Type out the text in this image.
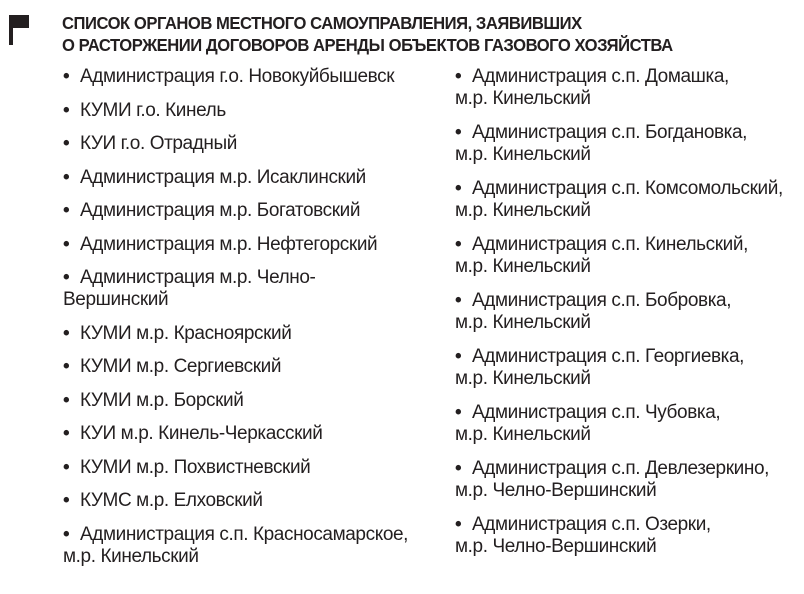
СПИСОК ОРГАНОВ МЕСТНОГО САМОУПРАВЛЕНИЯ, ЗАЯВИВШИХ
О РАСТОРЖЕНИИ ДОГОВОРОВ АРЕНДЫ ОБЪЕКТОВ ГАЗОВОГО ХОЗЯЙСТВА
• Администрация г.о. Новокуйбышевск
• КУМИ г.о. Кинель
• КУИ г.о. Отрадный
• Администрация м.р. Исаклинский
• Администрация м.р. Богатовский
• Администрация м.р. Нефтегорский
• Администрация м.р. Челно-
Вершинский
• КУМИ м.р. Красноярский
• КУМИ м.р. Сергиевский
• КУМИ м.р. Борский
• КУИ м.р. Кинель-Черкасский
• КУМИ м.р. Похвистневский
• КУМС м.р. Елховский
• Администрация с.п. Красносамарское,
м.р. Кинельский
• Администрация с.п. Домашка,
м.р. Кинельский
• Администрация с.п. Богдановка,
м.р. Кинельский
• Администрация с.п. Комсомольский,
м.р. Кинельский
• Администрация с.п. Кинельский,
м.р. Кинельский
• Администрация с.п. Бобровка,
м.р. Кинельский
• Администрация с.п. Георгиевка,
м.р. Кинельский
• Администрация с.п. Чубовка,
м.р. Кинельский
• Администрация с.п. Девлезеркино,
м.р. Челно-Вершинский
• Администрация с.п. Озерки,
м.р. Челно-Вершинский
